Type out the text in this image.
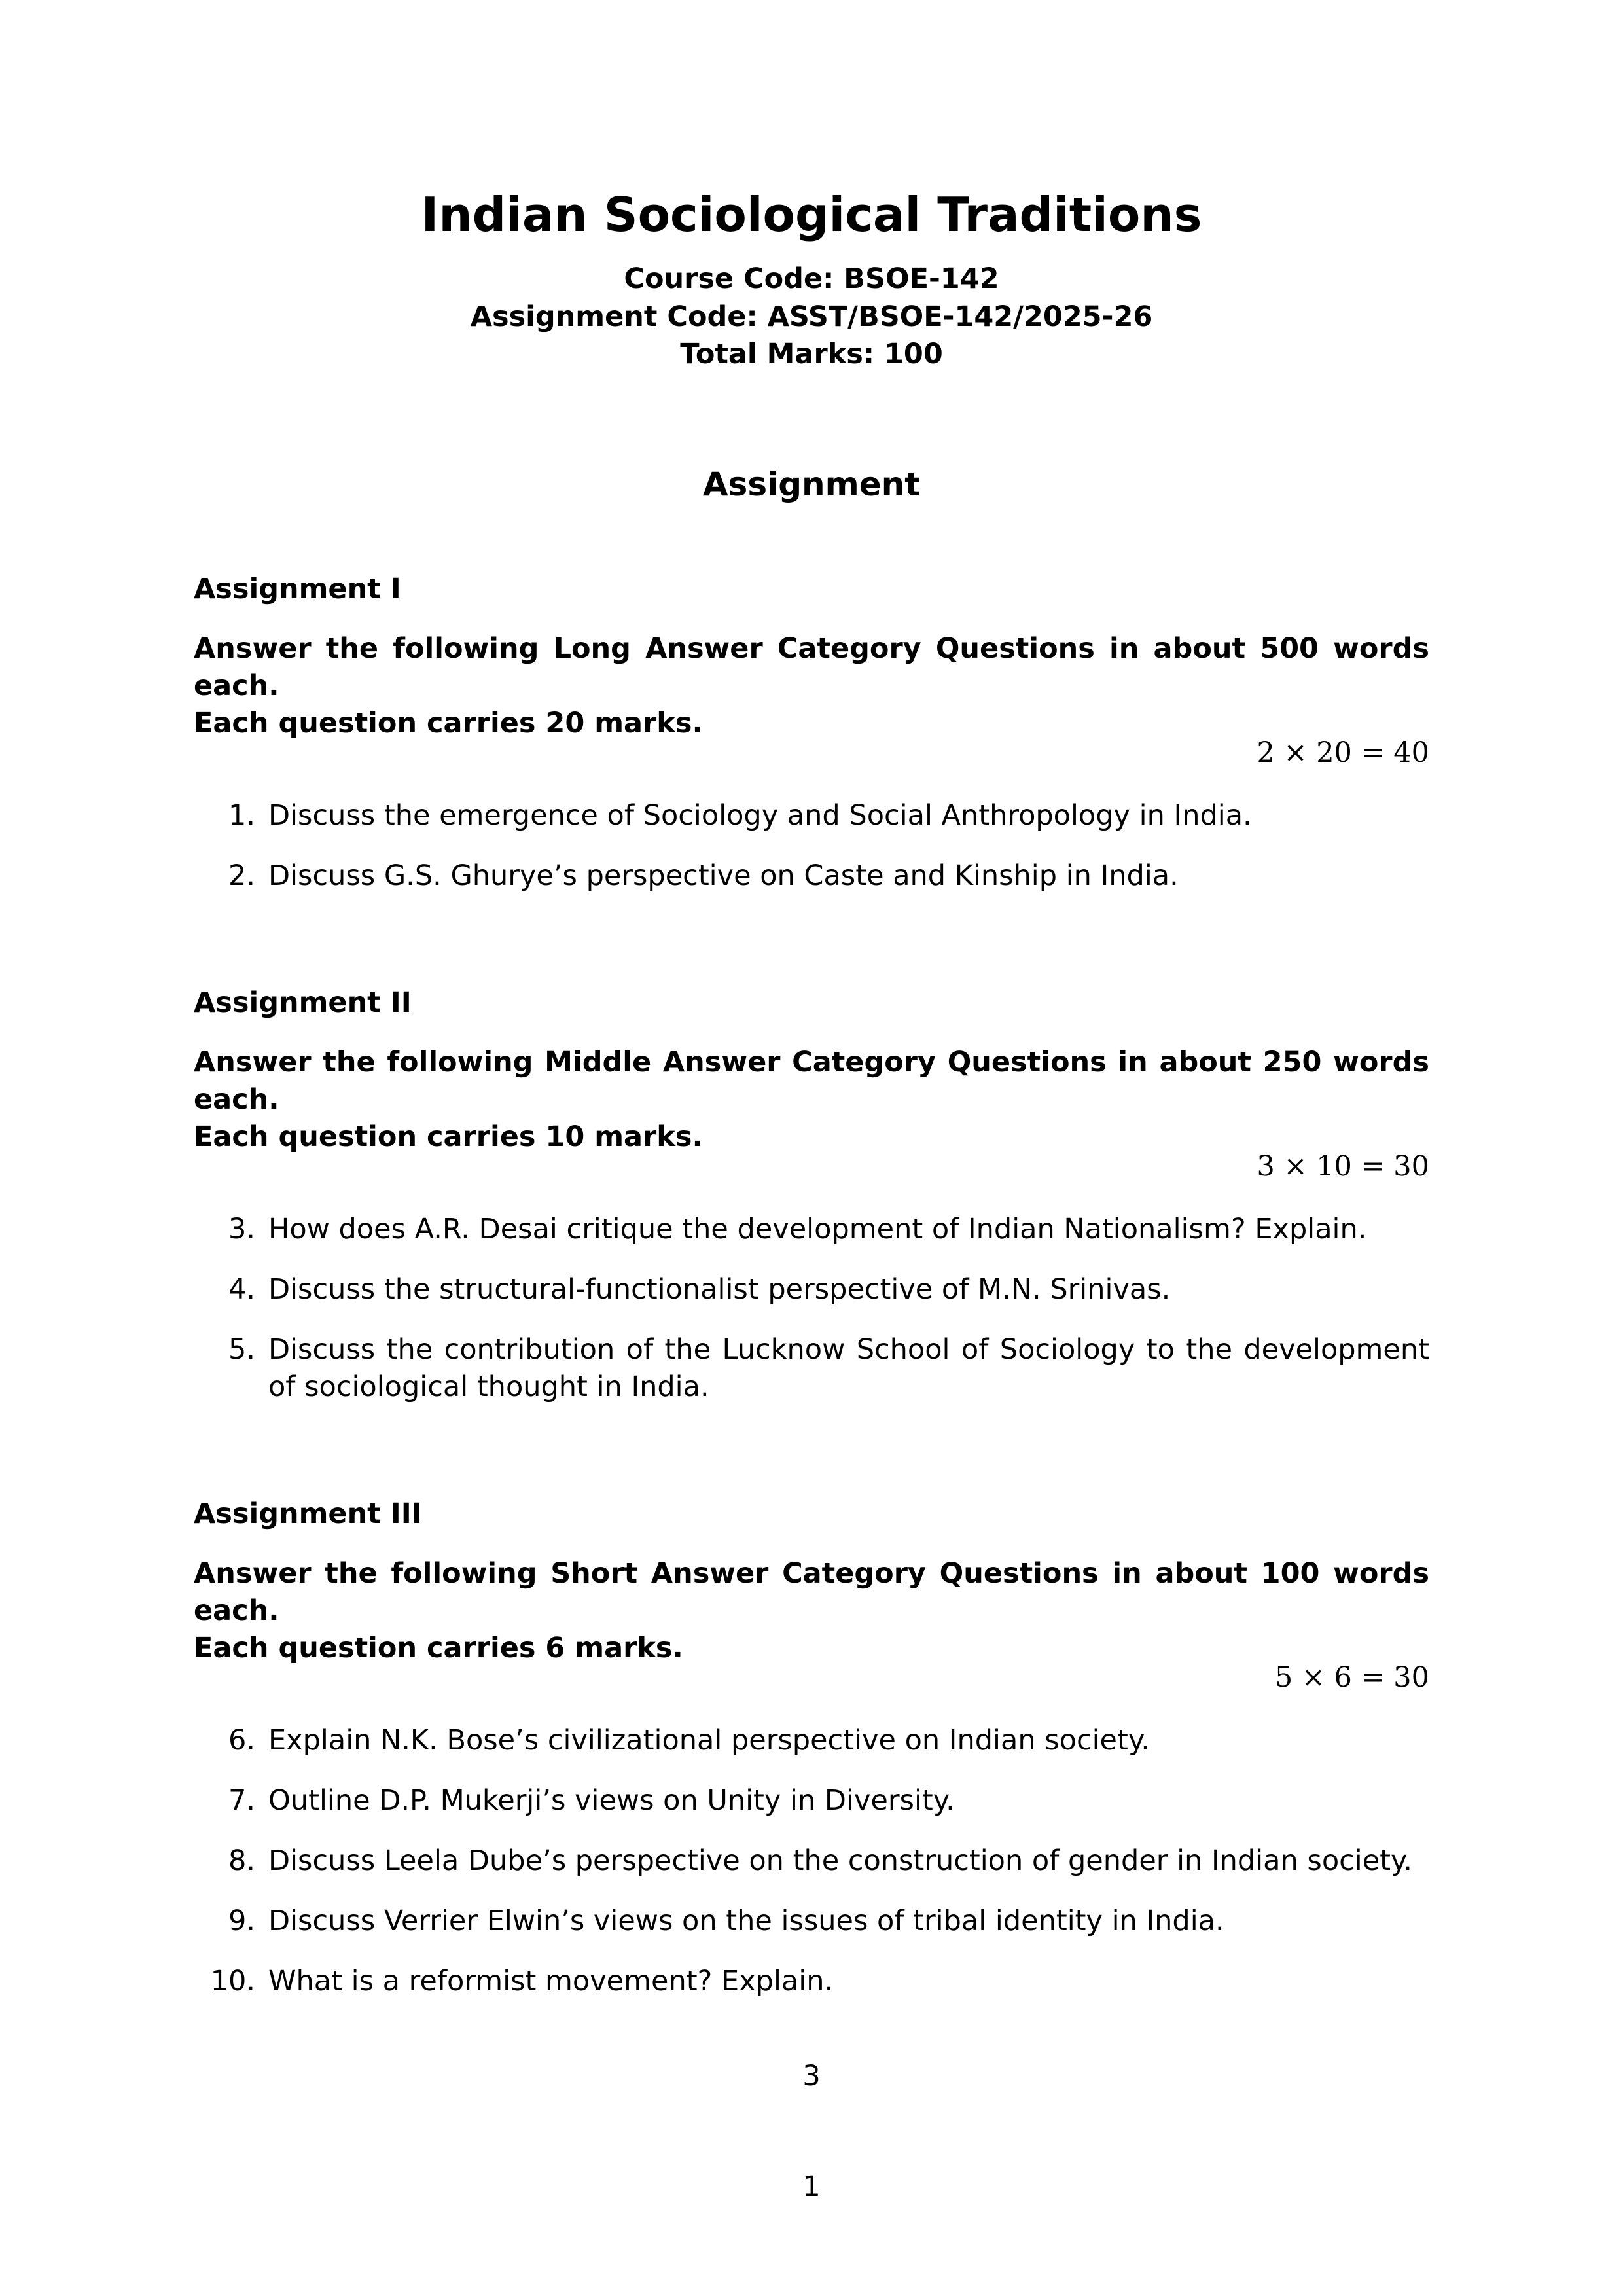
Indian Sociological Traditions
Course Code: BSOE-142
Assignment Code: ASST/BSOE-142/2025-26
Total Marks: 100
Assignment
Assignment I
Answer the following Long Answer Category Questions in about 500 words each.
Each question carries 20 marks.
2 × 20 = 40
1. Discuss the emergence of Sociology and Social Anthropology in India.
2. Discuss G.S. Ghurye’s perspective on Caste and Kinship in India.
Assignment II
Answer the following Middle Answer Category Questions in about 250 words each.
Each question carries 10 marks.
3 × 10 = 30
3. How does A.R. Desai critique the development of Indian Nationalism? Explain.
4. Discuss the structural-functionalist perspective of M.N. Srinivas.
5. Discuss the contribution of the Lucknow School of Sociology to the development of sociological thought in India.
Assignment III
Answer the following Short Answer Category Questions in about 100 words each.
Each question carries 6 marks.
5 × 6 = 30
6. Explain N.K. Bose’s civilizational perspective on Indian society.
7. Outline D.P. Mukerji’s views on Unity in Diversity.
8. Discuss Leela Dube’s perspective on the construction of gender in Indian society.
9. Discuss Verrier Elwin’s views on the issues of tribal identity in India.
10. What is a reformist movement? Explain.
3
1
